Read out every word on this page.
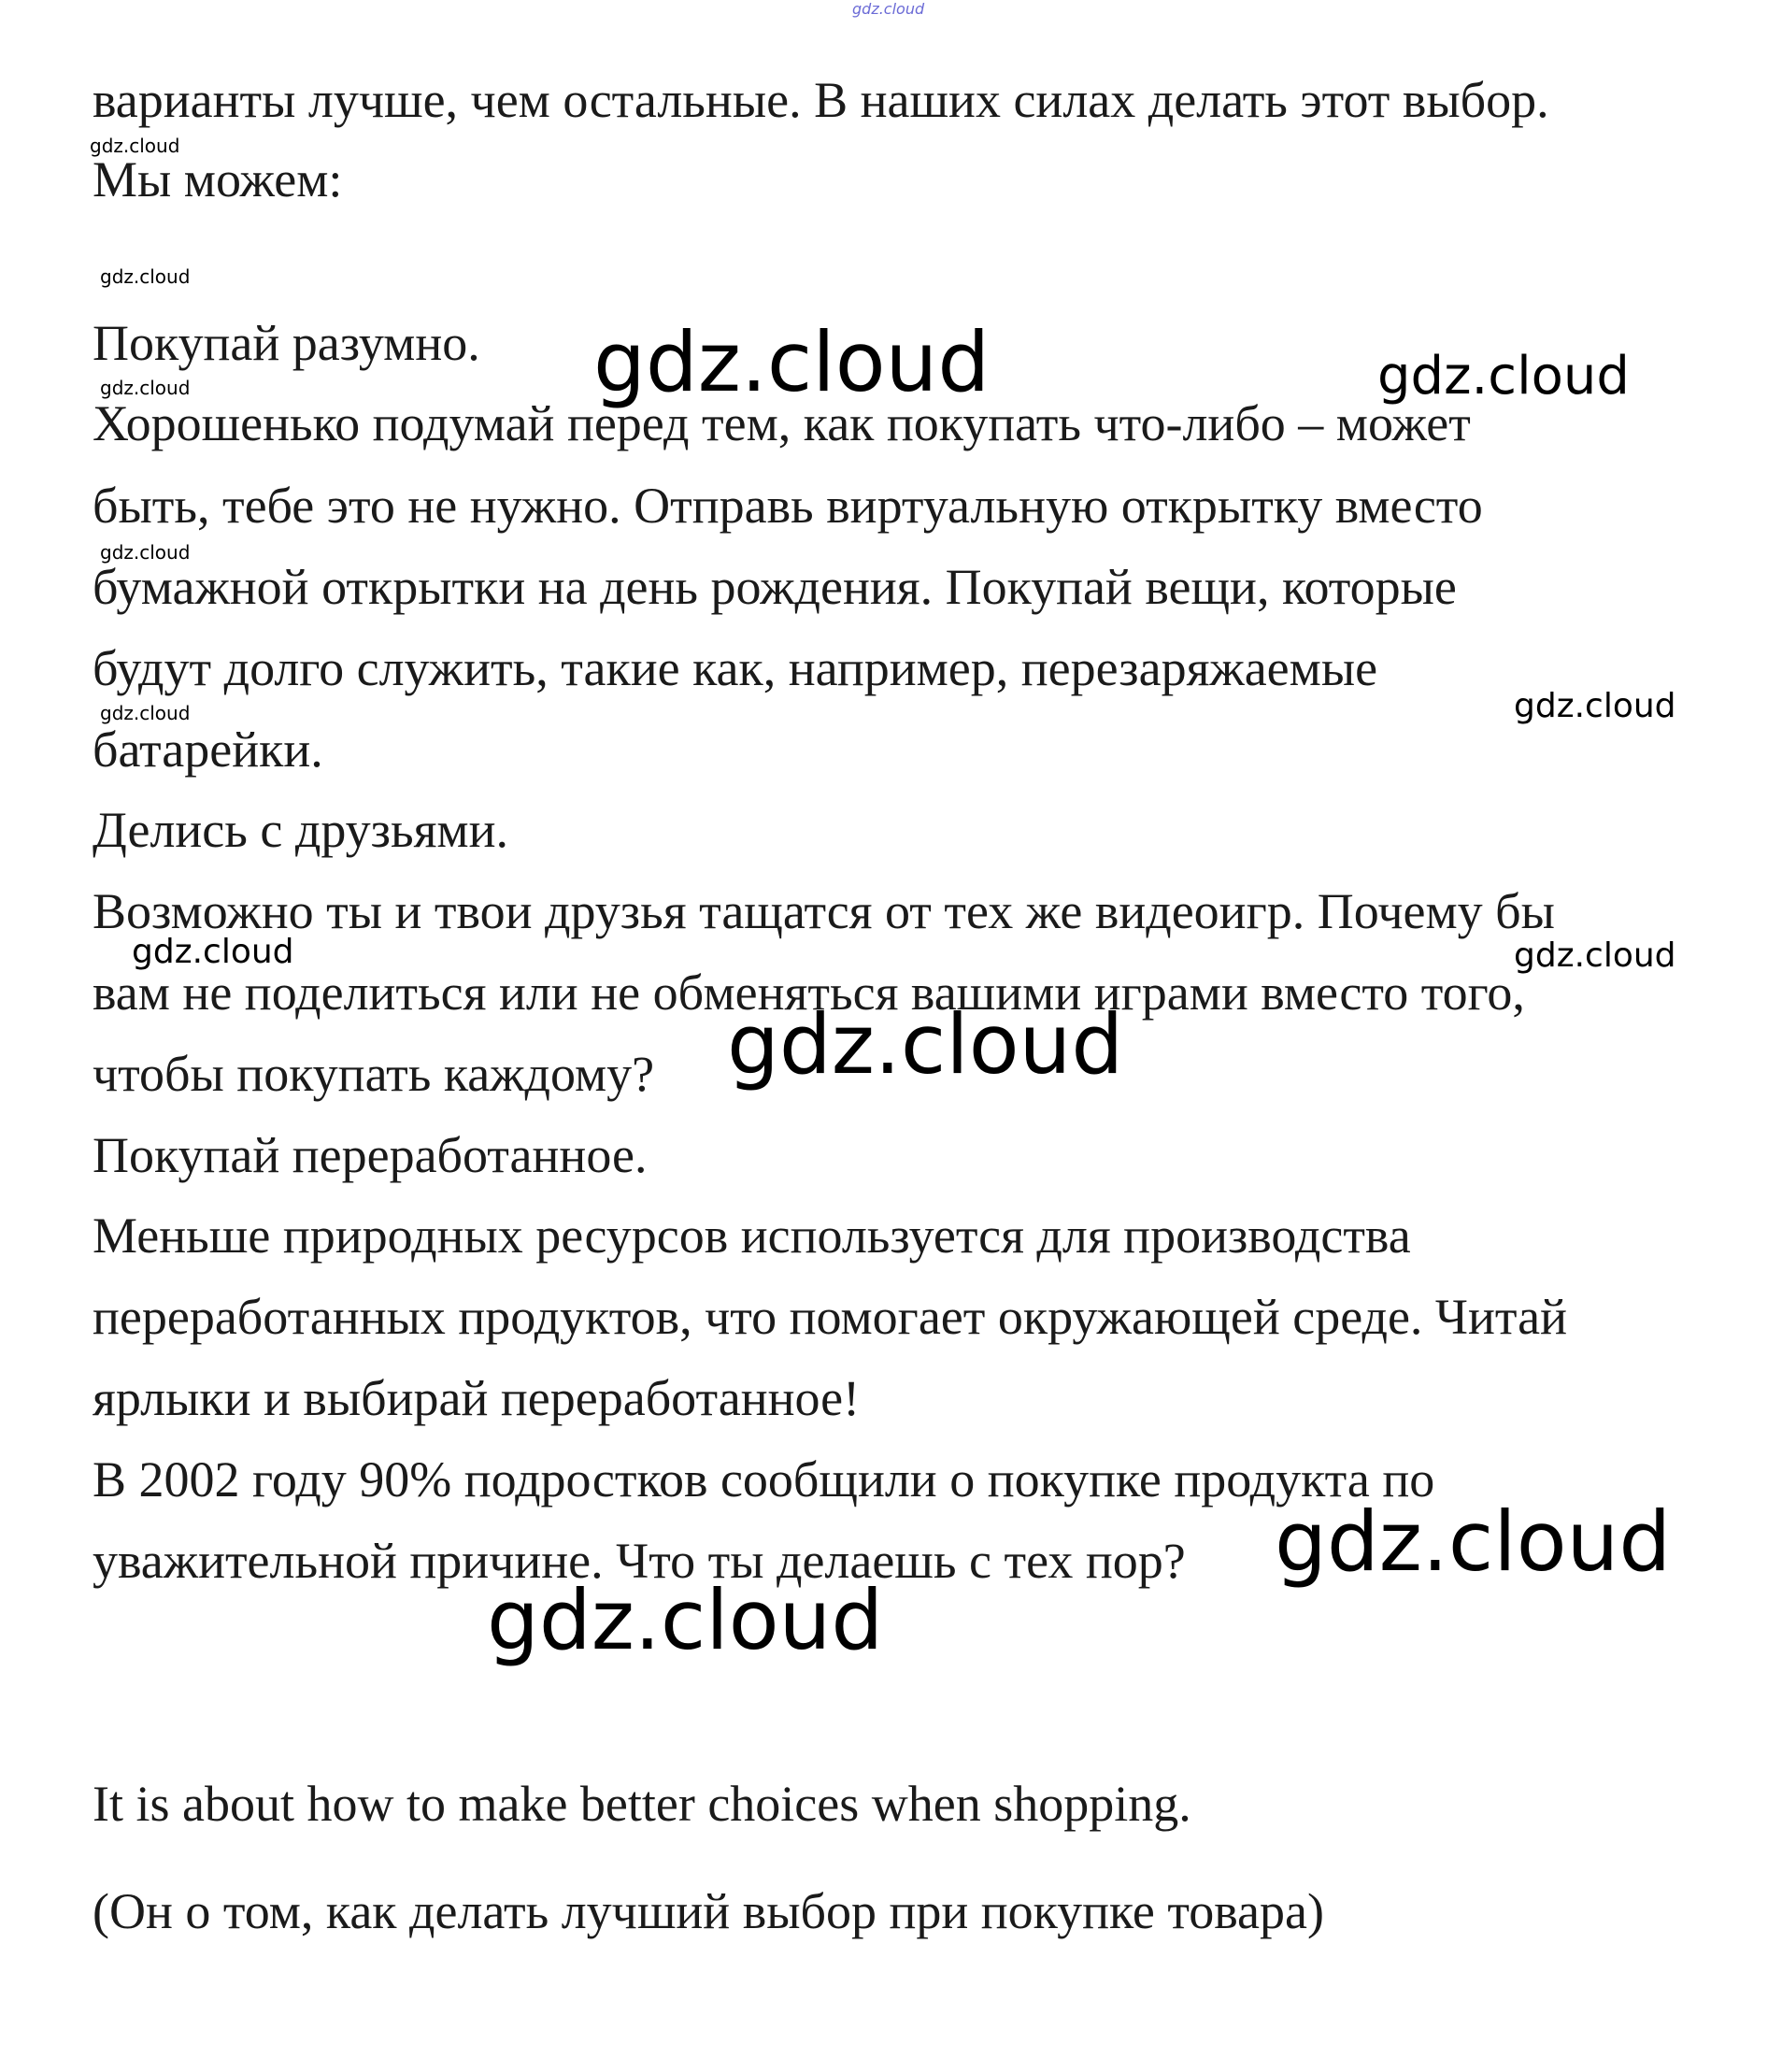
варианты лучше, чем остальные. В наших силах делать этот выбор.
Мы можем:
Покупай разумно.
Хорошенько подумай перед тем, как покупать что-либо – может
быть, тебе это не нужно. Отправь виртуальную открытку вместо
бумажной открытки на день рождения. Покупай вещи, которые
будут долго служить, такие как, например, перезаряжаемые
батарейки.
Делись с друзьями.
Возможно ты и твои друзья тащатся от тех же видеоигр. Почему бы
вам не поделиться или не обменяться вашими играми вместо того,
чтобы покупать каждому?
Покупай переработанное.
Меньше природных ресурсов используется для производства
переработанных продуктов, что помогает окружающей среде. Читай
ярлыки и выбирай переработанное!
В 2002 году 90% подростков сообщили о покупке продукта по
уважительной причине. Что ты делаешь с тех пор?
It is about how to make better choices when shopping.
(Он о том, как делать лучший выбор при покупке товара)
gdz.cloud
gdz.cloud
gdz.cloud
gdz.cloud
gdz.cloud
gdz.cloud
gdz.cloud	gdz.cloud
gdz.cloud
gdz.cloud	gdz.cloud
gdz.cloud
gdz.cloud
gdz.cloud
